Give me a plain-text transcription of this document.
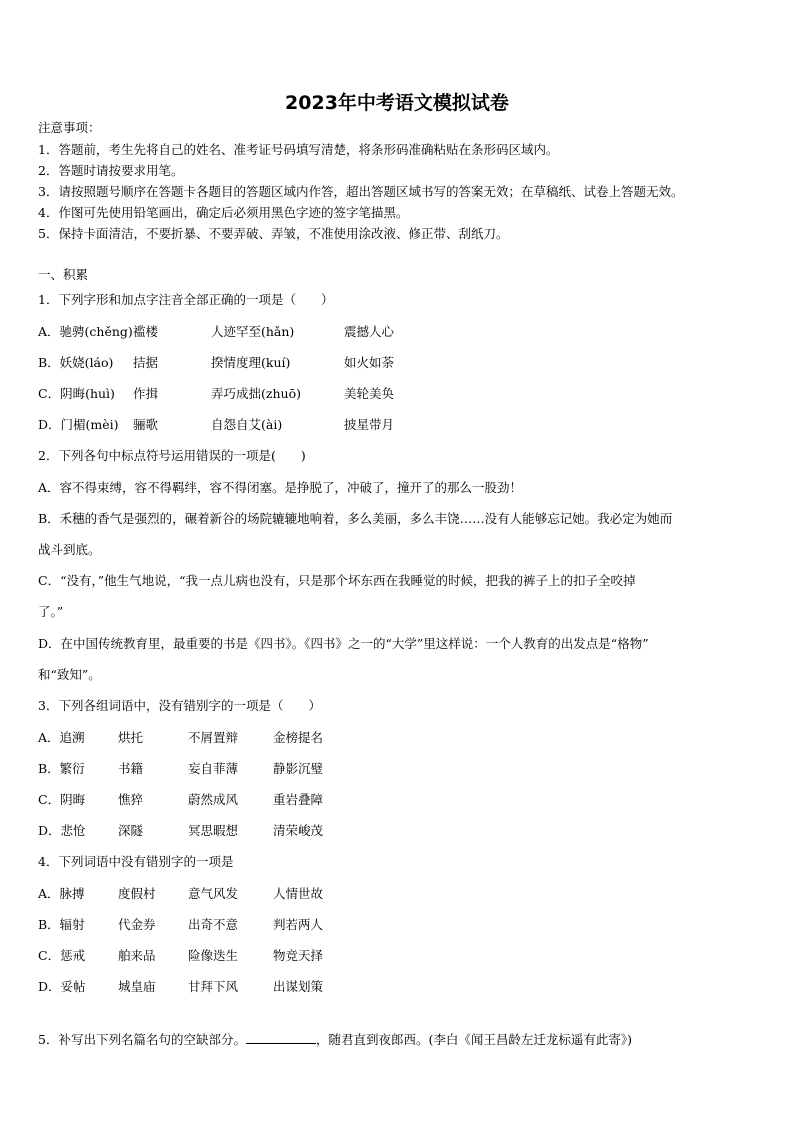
2023年中考语文模拟试卷
注意事项：
1．答题前，考生先将自己的姓名、准考证号码填写清楚，将条形码准确粘贴在条形码区域内。
2．答题时请按要求用笔。
3．请按照题号顺序在答题卡各题目的答题区域内作答，超出答题区域书写的答案无效；在草稿纸、试卷上答题无效。
4．作图可先使用铅笔画出，确定后必须用黑色字迹的签字笔描黑。
5．保持卡面清洁，不要折暴、不要弄破、弄皱，不准使用涂改液、修正带、刮纸刀。
一、积累
1．下列字形和加点字注音全部正确的一项是（　　）
A．驰骋(chěng)褴楼	人迹罕至(hǎn)	震撼人心
B．妖娆(láo) 拮据	揆情度理(kuí)	如火如荼
C．阴晦(huì) 作揖	弄巧成拙(zhuō)	美轮美奂
D．门楣(mèi) 骊歌	自怨自艾(ài)	披星带月
2．下列各句中标点符号运用错误的一项是(　　)
A．容不得束缚，容不得羁绊，容不得闭塞。是挣脱了，冲破了，撞开了的那么一股劲！
B．禾穗的香气是强烈的，碾着新谷的场院辘辘地响着，多么美丽，多么丰饶……没有人能够忘记她。我必定为她而
战斗到底。
C．“没有，”他生气地说，“我一点儿病也没有，只是那个坏东西在我睡觉的时候，把我的裤子上的扣子全咬掉
了。”
D．在中国传统教育里，最重要的书是《四书》。《四书》之一的“大学”里这样说：一个人教育的出发点是“格物”
和“致知”。
3．下列各组词语中，没有错别字的一项是（　　）
A．追溯	烘托	不屑置辩	金榜提名
B．繁衍	书籍	妄自菲薄	静影沉璧
C．阴晦	憔猝	蔚然成风	重岩叠障
D．悲怆	深隧	冥思暇想	清荣峻茂
4．下列词语中没有错别字的一项是
A．脉搏	度假村	意气风发	人情世故
B．辐射	代金券	出奇不意	判若两人
C．惩戒	舶来品	险像迭生	物竞天择
D．妥帖	城皇庙	甘拜下风	出谋划策
5．补写出下列名篇名句的空缺部分。	，随君直到夜郎西。(李白《闻王昌龄左迁龙标遥有此寄》)
